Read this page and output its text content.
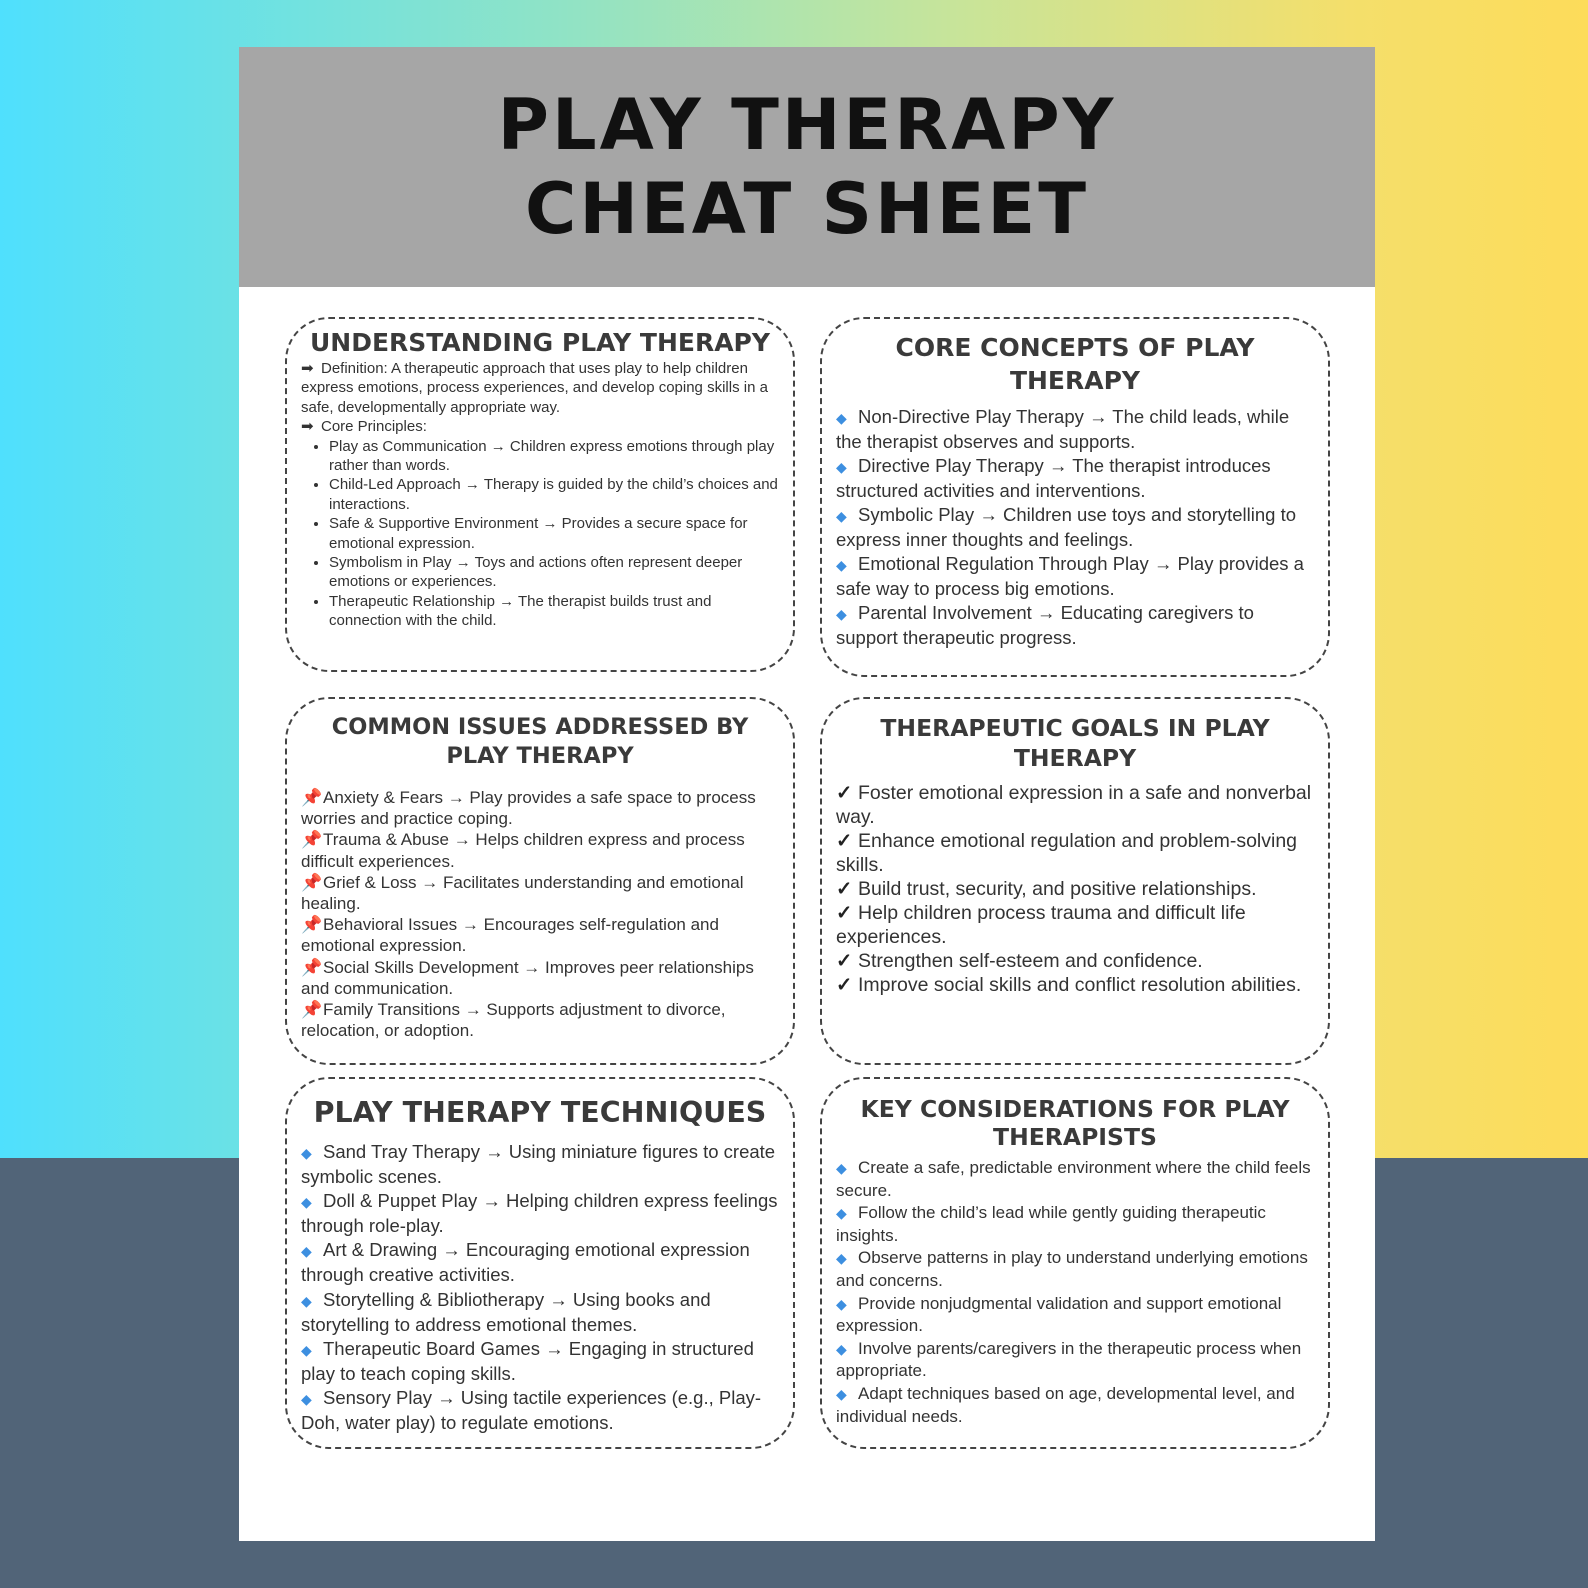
PLAY THERAPY
CHEAT SHEET
UNDERSTANDING PLAY THERAPY
➡ Definition: A therapeutic approach that uses play to help children express emotions, process experiences, and develop coping skills in a safe, developmentally appropriate way.
➡ Core Principles:
• Play as Communication → Children express emotions through play rather than words.
• Child-Led Approach → Therapy is guided by the child’s choices and interactions.
• Safe & Supportive Environment → Provides a secure space for emotional expression.
• Symbolism in Play → Toys and actions often represent deeper emotions or experiences.
• Therapeutic Relationship → The therapist builds trust and connection with the child.
CORE CONCEPTS OF PLAY THERAPY
◆ Non-Directive Play Therapy → The child leads, while the therapist observes and supports.
◆ Directive Play Therapy → The therapist introduces structured activities and interventions.
◆ Symbolic Play → Children use toys and storytelling to express inner thoughts and feelings.
◆ Emotional Regulation Through Play → Play provides a safe way to process big emotions.
◆ Parental Involvement → Educating caregivers to support therapeutic progress.
COMMON ISSUES ADDRESSED BY PLAY THERAPY
📌Anxiety & Fears → Play provides a safe space to process worries and practice coping.
📌Trauma & Abuse → Helps children express and process difficult experiences.
📌Grief & Loss → Facilitates understanding and emotional healing.
📌Behavioral Issues → Encourages self-regulation and emotional expression.
📌Social Skills Development → Improves peer relationships and communication.
📌Family Transitions → Supports adjustment to divorce, relocation, or adoption.
THERAPEUTIC GOALS IN PLAY THERAPY
✓ Foster emotional expression in a safe and nonverbal way.
✓ Enhance emotional regulation and problem-solving skills.
✓ Build trust, security, and positive relationships.
✓ Help children process trauma and difficult life experiences.
✓ Strengthen self-esteem and confidence.
✓ Improve social skills and conflict resolution abilities.
PLAY THERAPY TECHNIQUES
◆ Sand Tray Therapy → Using miniature figures to create symbolic scenes.
◆ Doll & Puppet Play → Helping children express feelings through role-play.
◆ Art & Drawing → Encouraging emotional expression through creative activities.
◆ Storytelling & Bibliotherapy → Using books and storytelling to address emotional themes.
◆ Therapeutic Board Games → Engaging in structured play to teach coping skills.
◆ Sensory Play → Using tactile experiences (e.g., Play-Doh, water play) to regulate emotions.
KEY CONSIDERATIONS FOR PLAY THERAPISTS
◆ Create a safe, predictable environment where the child feels secure.
◆ Follow the child’s lead while gently guiding therapeutic insights.
◆ Observe patterns in play to understand underlying emotions and concerns.
◆ Provide nonjudgmental validation and support emotional expression.
◆ Involve parents/caregivers in the therapeutic process when appropriate.
◆ Adapt techniques based on age, developmental level, and individual needs.
